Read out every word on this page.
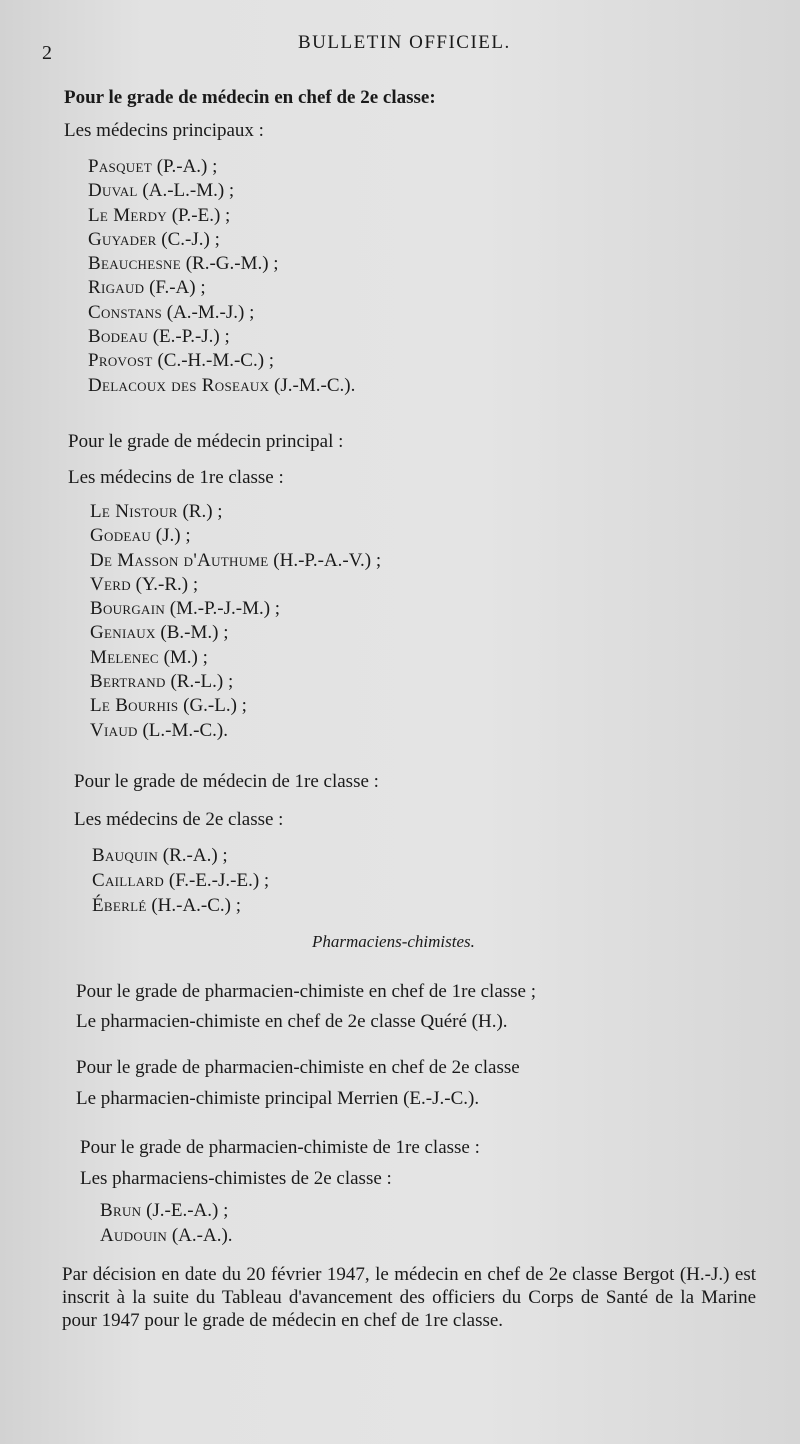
2	BULLETIN OFFICIEL.
Pour le grade de médecin en chef de 2e classe:
Les médecins principaux :
Pasquet (P.-A.) ;
Duval (A.-L.-M.) ;
Le Merdy (P.-E.) ;
Guyader (C.-J.) ;
Beauchesne (R.-G.-M.) ;
Rigaud (F.-A) ;
Constans (A.-M.-J.) ;
Bodeau (E.-P.-J.) ;
Provost (C.-H.-M.-C.) ;
Delacoux des Roseaux (J.-M.-C.).
Pour le grade de médecin principal :
Les médecins de 1re classe :
Le Nistour (R.) ;
Godeau (J.) ;
De Masson d'Authume (H.-P.-A.-V.) ;
Verd (Y.-R.) ;
Bourgain (M.-P.-J.-M.) ;
Geniaux (B.-M.) ;
Melenec (M.) ;
Bertrand (R.-L.) ;
Le Bourhis (G.-L.) ;
Viaud (L.-M.-C.).
Pour le grade de médecin de 1re classe :
Les médecins de 2e classe :
Bauquin (R.-A.) ;
Caillard (F.-E.-J.-E.) ;
Éberlé (H.-A.-C.) ;
Pharmaciens-chimistes.
Pour le grade de pharmacien-chimiste en chef de 1re classe ;
Le pharmacien-chimiste en chef de 2e classe Quéré (H.).
Pour le grade de pharmacien-chimiste en chef de 2e classe
Le pharmacien-chimiste principal Merrien (E.-J.-C.).
Pour le grade de pharmacien-chimiste de 1re classe :
Les pharmaciens-chimistes de 2e classe :
Brun (J.-E.-A.) ;
Audouin (A.-A.).
Par décision en date du 20 février 1947, le médecin en chef de 2e classe Bergot (H.-J.) est inscrit à la suite du Tableau d'avancement des officiers du Corps de Santé de la Marine pour 1947 pour le grade de médecin en chef de 1re classe.
